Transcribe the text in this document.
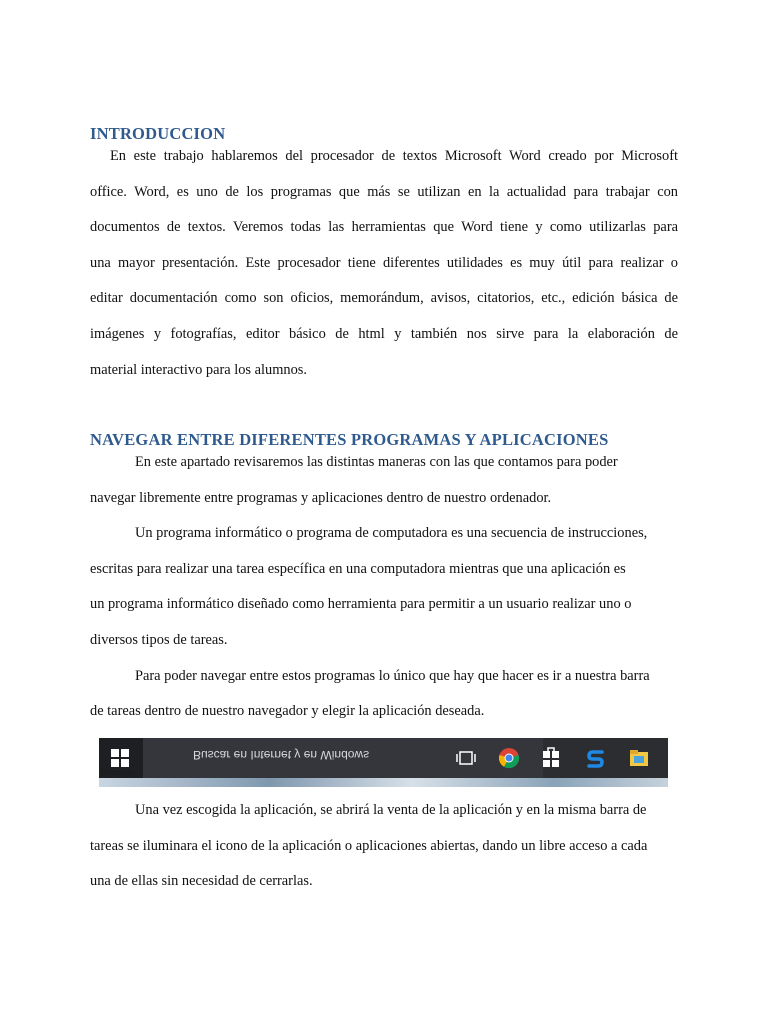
INTRODUCCION
En este trabajo hablaremos del procesador de textos Microsoft Word creado por Microsoft
office. Word, es uno de los programas que más se utilizan en la actualidad para trabajar con
documentos de textos. Veremos todas las herramientas que Word tiene y como utilizarlas para
una mayor presentación. Este procesador tiene diferentes utilidades es muy útil para realizar o
editar documentación como son oficios, memorándum, avisos, citatorios, etc., edición básica de
imágenes y fotografías, editor básico de html y también nos sirve para la elaboración de
material interactivo para los alumnos.
NAVEGAR ENTRE DIFERENTES PROGRAMAS Y APLICACIONES
En este apartado revisaremos las distintas maneras con las que contamos para poder
navegar libremente entre programas y aplicaciones dentro de nuestro ordenador.
Un programa informático o programa de computadora es una secuencia de instrucciones,
escritas para realizar una tarea específica en una computadora mientras que una aplicación es
un programa informático diseñado como herramienta para permitir a un usuario realizar uno o
diversos tipos de tareas.
Para poder navegar entre estos programas lo único que hay que hacer es ir a nuestra barra
de tareas dentro de nuestro navegador y elegir la aplicación deseada.
Una vez escogida la aplicación, se abrirá la venta de la aplicación y en la misma barra de
tareas se iluminara el icono de la aplicación o aplicaciones abiertas, dando un libre acceso a cada
una de ellas sin necesidad de cerrarlas.
Buscar en Internet y en Windows
Reciclaje
